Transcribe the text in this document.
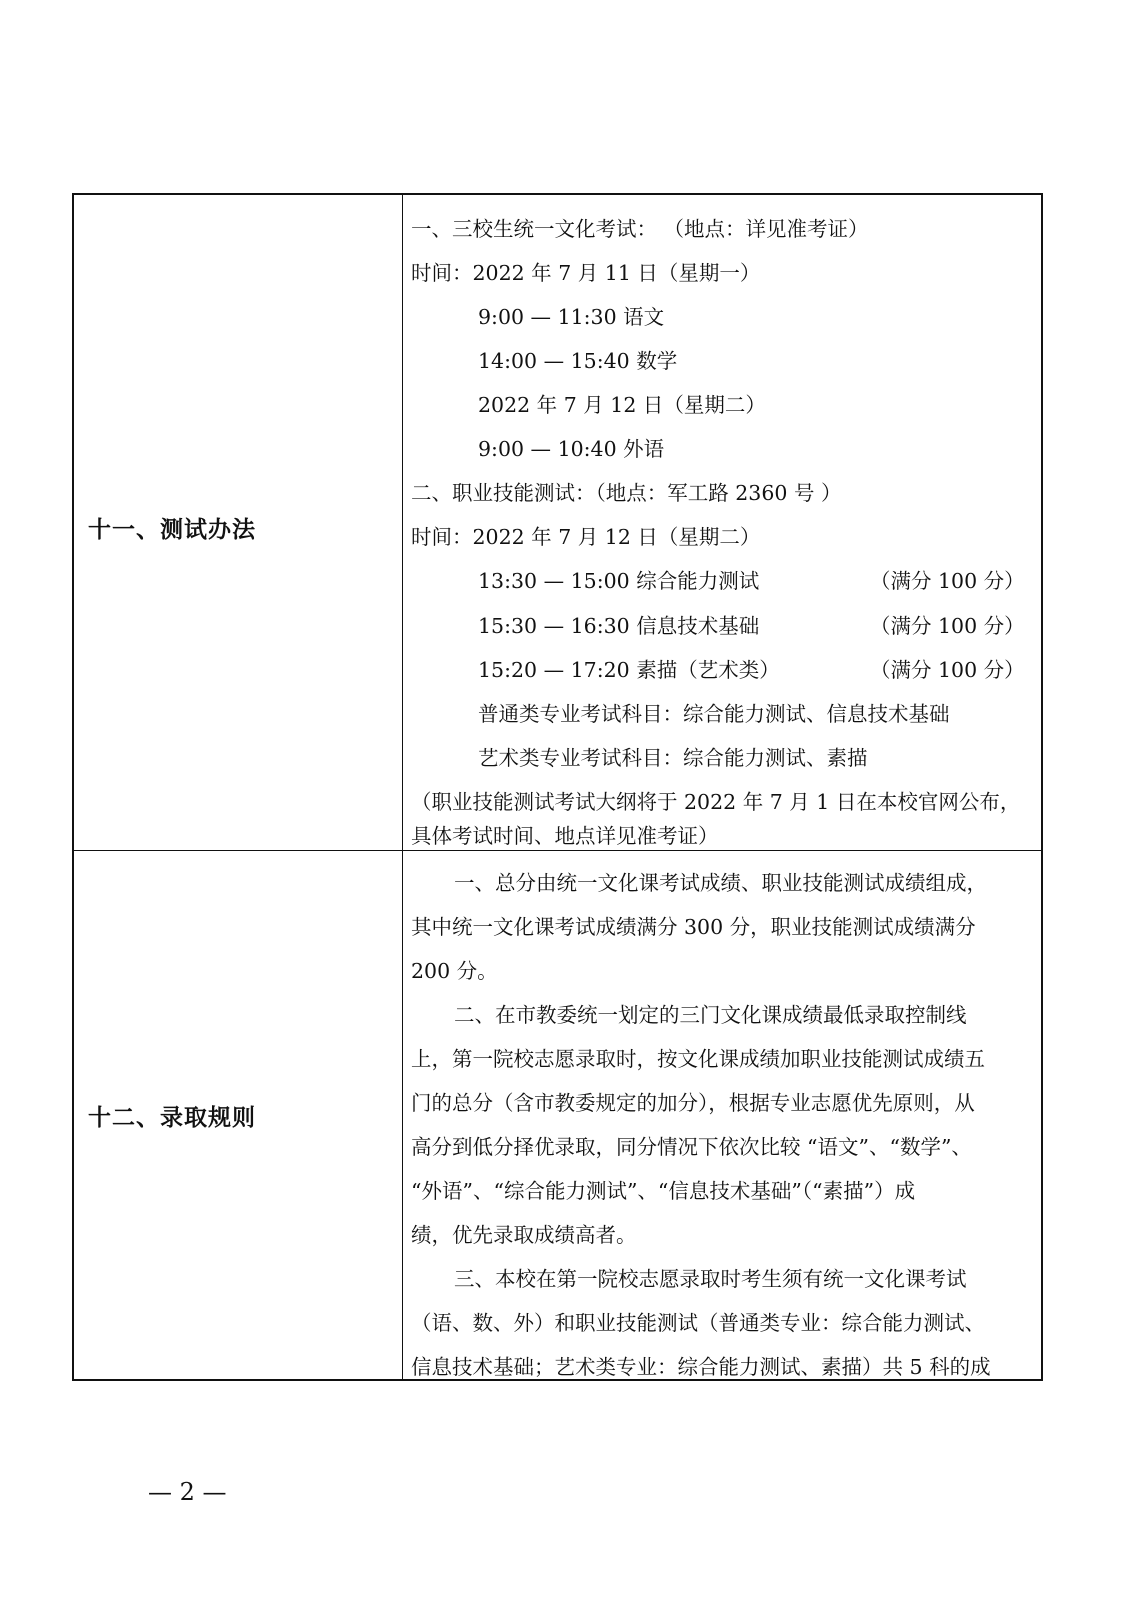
十一、测试办法
一、三校生统一文化考试： （地点：详见准考证）
时间：2022 年 7 月 11 日（星期一）
9:00 — 11:30 语文
14:00 — 15:40 数学
2022 年 7 月 12 日（星期二）
9:00 — 10:40 外语
二、职业技能测试：（地点：军工路 2360 号 ）
时间：2022 年 7 月 12 日（星期二）
13:30 — 15:00 综合能力测试
15:30 — 16:30 信息技术基础
15:20 — 17:20 素描（艺术类）
普通类专业考试科目：综合能力测试、信息技术基础
艺术类专业考试科目：综合能力测试、素描
（职业技能测试考试大纲将于 2022 年 7 月 1 日在本校官网公布，
具体考试时间、地点详见准考证）
（满分 100 分）
（满分 100 分）
（满分 100 分）
十二、录取规则
一、总分由统一文化课考试成绩、职业技能测试成绩组成，
其中统一文化课考试成绩满分 300 分，职业技能测试成绩满分
200 分。
二、在市教委统一划定的三门文化课成绩最低录取控制线
上，第一院校志愿录取时，按文化课成绩加职业技能测试成绩五
门的总分（含市教委规定的加分），根据专业志愿优先原则，从
高分到低分择优录取，同分情况下依次比较 “语文”、“数学”、
“外语”、“综合能力测试”、“信息技术基础”（“素描”）成
绩，优先录取成绩高者。
三、本校在第一院校志愿录取时考生须有统一文化课考试
（语、数、外）和职业技能测试（普通类专业：综合能力测试、
信息技术基础；艺术类专业：综合能力测试、素描）共 5 科的成
— 2 —
